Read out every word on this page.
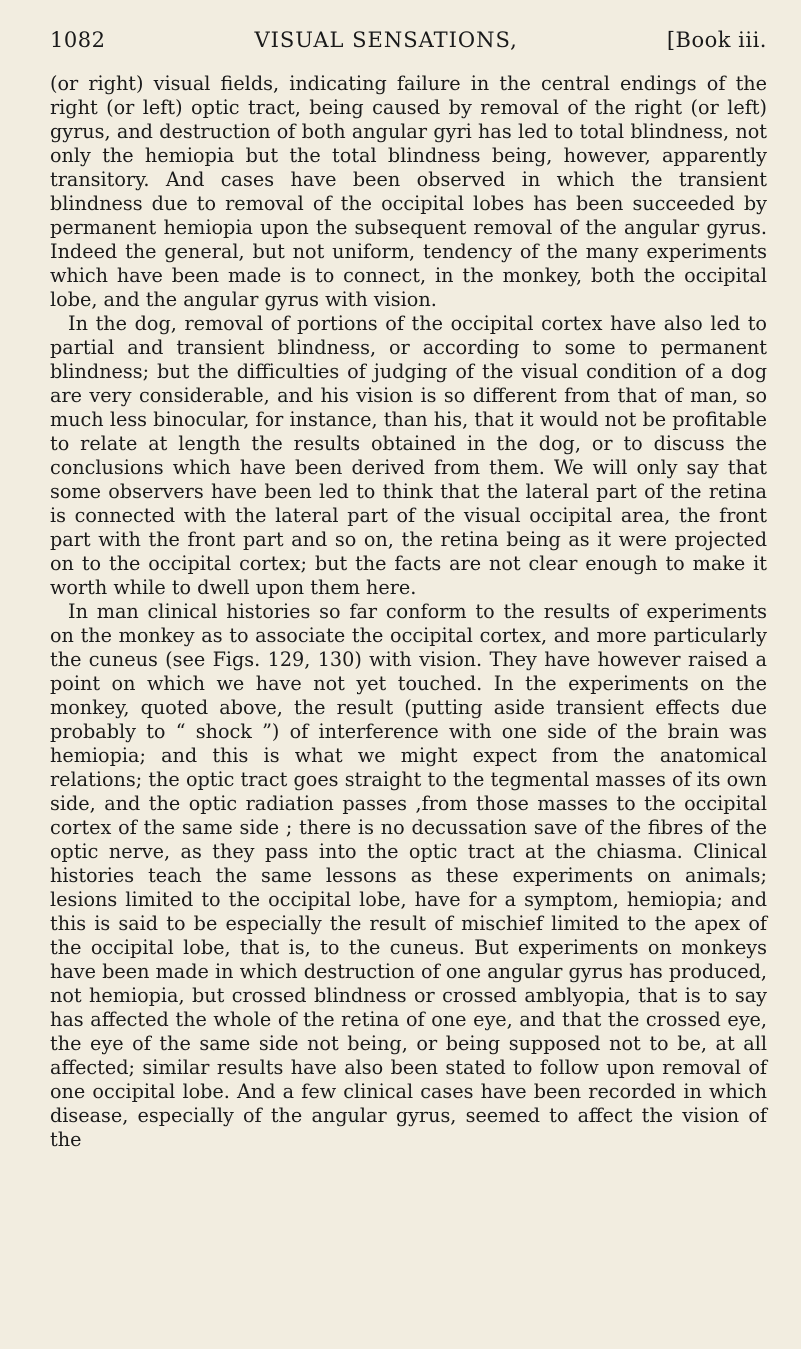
1082	VISUAL SENSATIONS,	[Book iii.

(or right) visual fields, indicating failure in the central endings of the right (or left) optic tract, being caused by removal of the right (or left) gyrus, and destruction of both angular gyri has led to total blindness, not only the hemiopia but the total blindness being, however, apparently transitory. And cases have been observed in which the transient blindness due to removal of the occipital lobes has been succeeded by permanent hemiopia upon the subsequent removal of the angular gyrus. Indeed the general, but not uniform, tendency of the many experiments which have been made is to connect, in the monkey, both the occipital lobe, and the angular gyrus with vision.

In the dog, removal of portions of the occipital cortex have also led to partial and transient blindness, or according to some to permanent blindness; but the difficulties of judging of the visual condition of a dog are very considerable, and his vision is so different from that of man, so much less binocular, for instance, than his, that it would not be profitable to relate at length the results obtained in the dog, or to discuss the conclusions which have been derived from them. We will only say that some observers have been led to think that the lateral part of the retina is connected with the lateral part of the visual occipital area, the front part with the front part and so on, the retina being as it were projected on to the occipital cortex; but the facts are not clear enough to make it worth while to dwell upon them here.

In man clinical histories so far conform to the results of experiments on the monkey as to associate the occipital cortex, and more particularly the cuneus (see Figs. 129, 130) with vision. They have however raised a point on which we have not yet touched. In the experiments on the monkey, quoted above, the result (putting aside transient effects due probably to “ shock ”) of interference with one side of the brain was hemiopia; and this is what we might expect from the anatomical relations; the optic tract goes straight to the tegmental masses of its own side, and the optic radiation passes ,from those masses to the occipital cortex of the same side ; there is no decussation save of the fibres of the optic nerve, as they pass into the optic tract at the chiasma. Clinical histories teach the same lessons as these experiments on animals; lesions limited to the occipital lobe, have for a symptom, hemiopia; and this is said to be especially the result of mischief limited to the apex of the occipital lobe, that is, to the cuneus. But experiments on monkeys have been made in which destruction of one angular gyrus has produced, not hemiopia, but crossed blindness or crossed amblyopia, that is to say has affected the whole of the retina of one eye, and that the crossed eye, the eye of the same side not being, or being supposed not to be, at all affected; similar results have also been stated to follow upon removal of one occipital lobe. And a few clinical cases have been recorded in which disease, especially of the angular gyrus, seemed to affect the vision of the
